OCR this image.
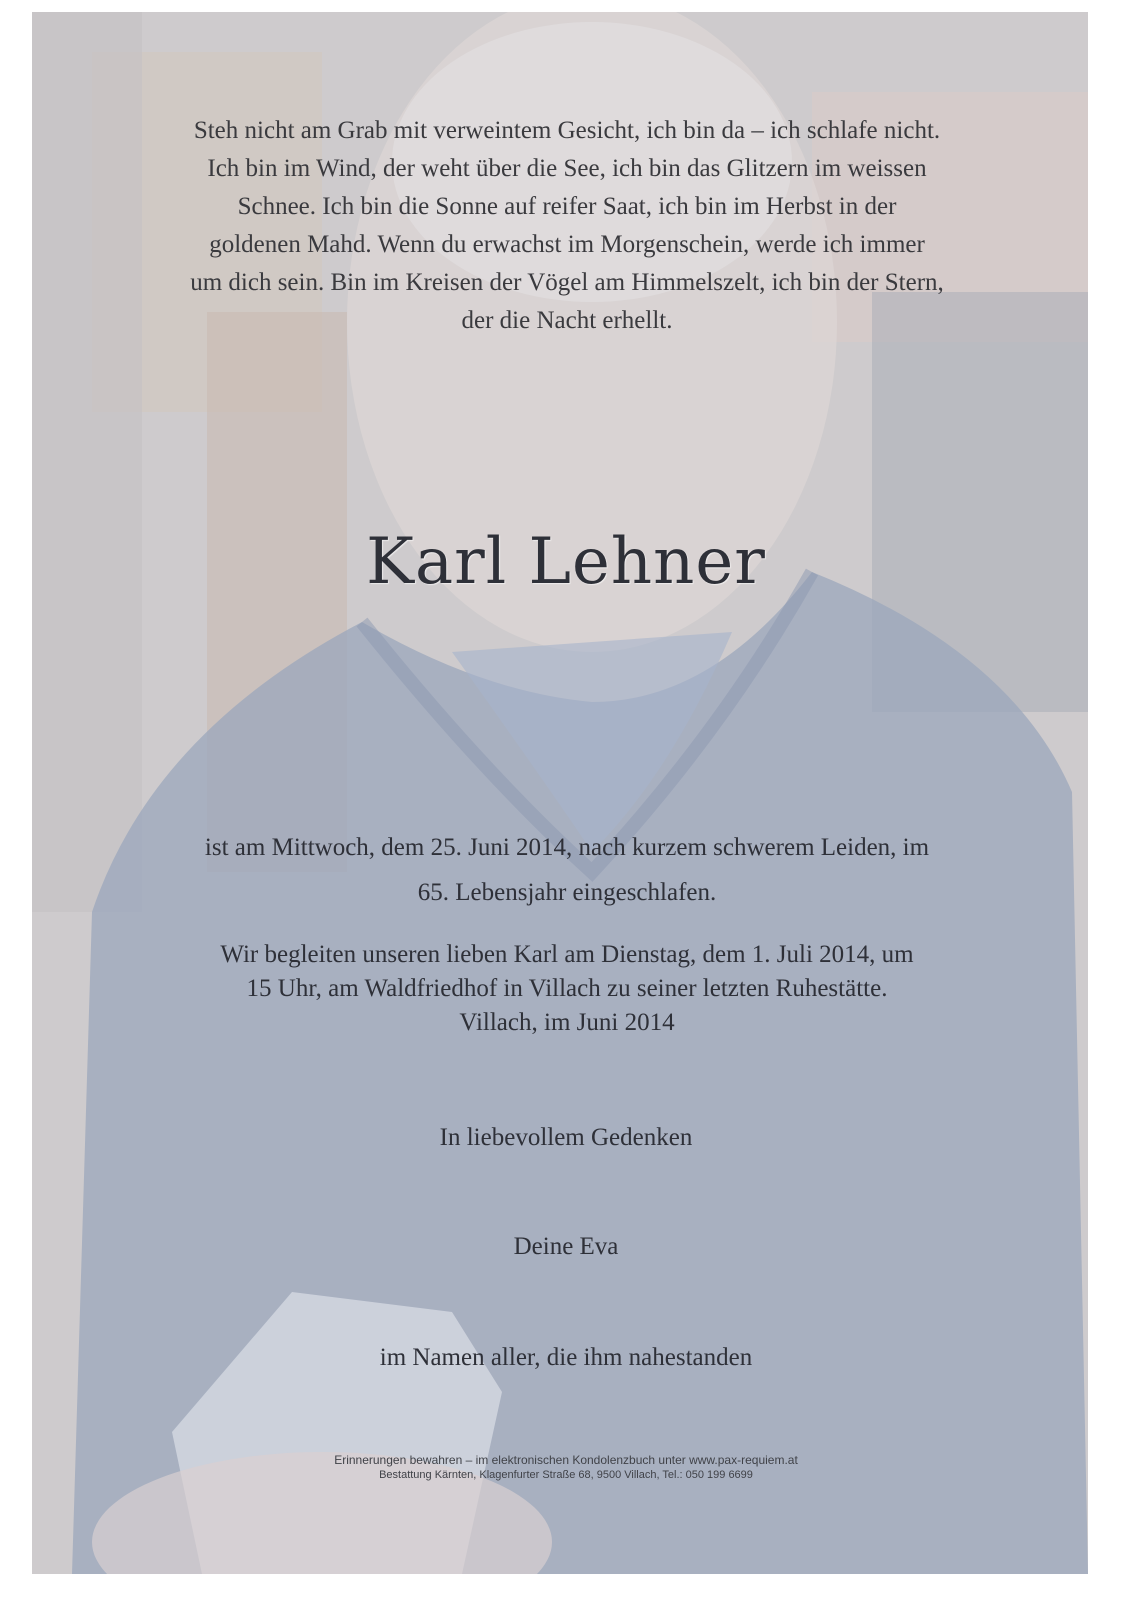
Steh nicht am Grab mit verweintem Gesicht, ich bin da – ich schlafe nicht.
Ich bin im Wind, der weht über die See, ich bin das Glitzern im weissen
Schnee. Ich bin die Sonne auf reifer Saat, ich bin im Herbst in der
goldenen Mahd. Wenn du erwachst im Morgenschein, werde ich immer
um dich sein. Bin im Kreisen der Vögel am Himmelszelt, ich bin der Stern,
der die Nacht erhellt.
Karl Lehner
ist am Mittwoch, dem 25. Juni 2014, nach kurzem schwerem Leiden, im
65. Lebensjahr eingeschlafen.
Wir begleiten unseren lieben Karl am Dienstag, dem 1. Juli 2014, um
15 Uhr, am Waldfriedhof in Villach zu seiner letzten Ruhestätte.
Villach, im Juni 2014
In liebevollem Gedenken
Deine Eva
im Namen aller, die ihm nahestanden
Erinnerungen bewahren – im elektronischen Kondolenzbuch unter www.pax-requiem.at
Bestattung Kärnten, Klagenfurter Straße 68, 9500 Villach, Tel.: 050 199 6699
